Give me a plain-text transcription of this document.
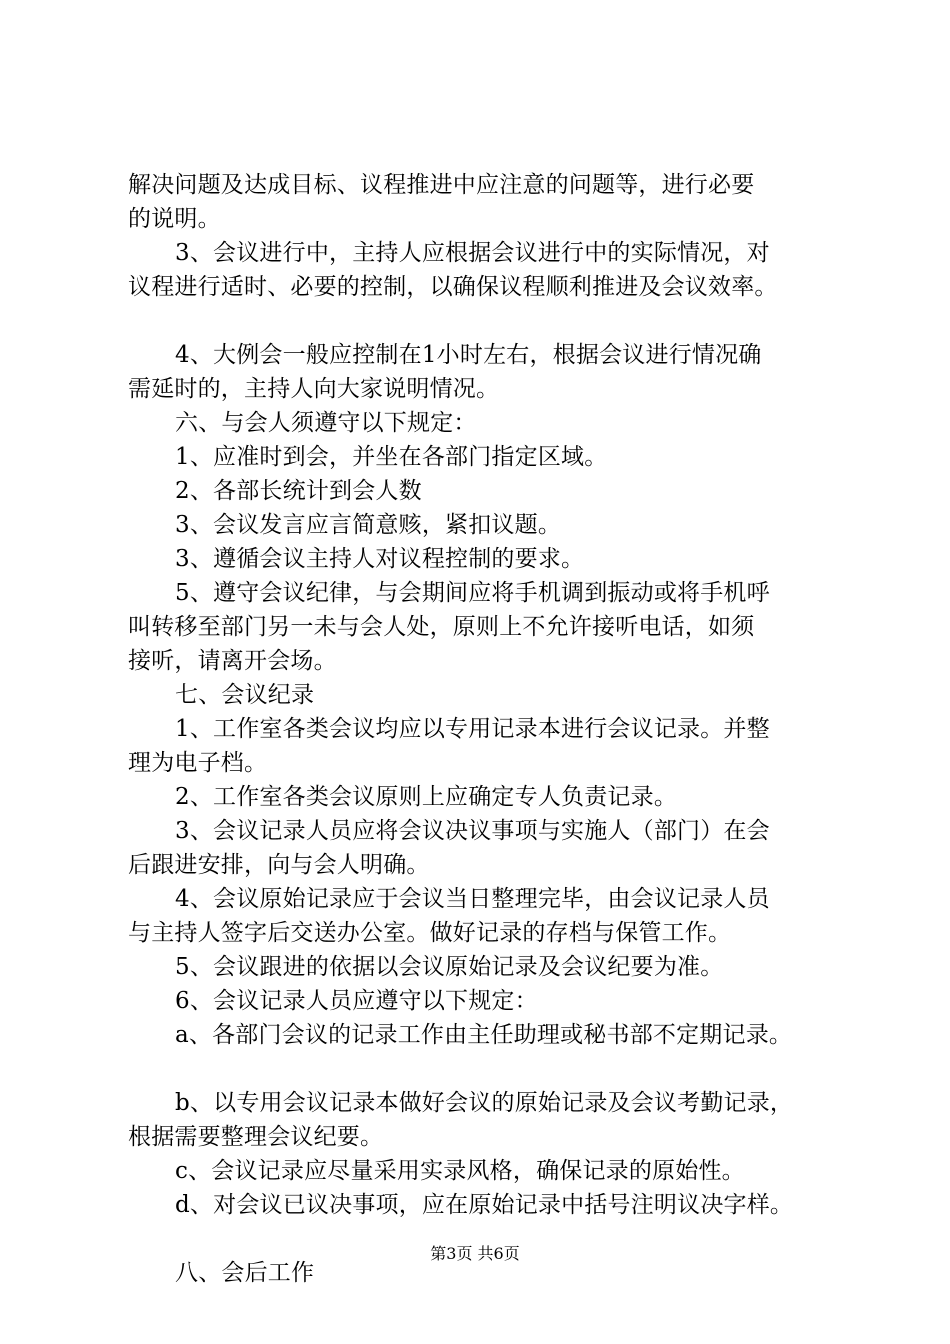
解决问题及达成目标、议程推进中应注意的问题等，进行必要
的说明。
3、会议进行中，主持人应根据会议进行中的实际情况，对
议程进行适时、必要的控制，以确保议程顺利推进及会议效率。
4、大例会一般应控制在1小时左右，根据会议进行情况确
需延时的，主持人向大家说明情况。
六、与会人须遵守以下规定：
1、应准时到会，并坐在各部门指定区域。
2、各部长统计到会人数
3、会议发言应言简意赅，紧扣议题。
3、遵循会议主持人对议程控制的要求。
5、遵守会议纪律，与会期间应将手机调到振动或将手机呼
叫转移至部门另一未与会人处，原则上不允许接听电话，如须
接听，请离开会场。
七、会议纪录
1、工作室各类会议均应以专用记录本进行会议记录。并整
理为电子档。
2、工作室各类会议原则上应确定专人负责记录。
3、会议记录人员应将会议决议事项与实施人（部门）在会
后跟进安排，向与会人明确。
4、会议原始记录应于会议当日整理完毕，由会议记录人员
与主持人签字后交送办公室。做好记录的存档与保管工作。
5、会议跟进的依据以会议原始记录及会议纪要为准。
6、会议记录人员应遵守以下规定：
a、各部门会议的记录工作由主任助理或秘书部不定期记录。
b、以专用会议记录本做好会议的原始记录及会议考勤记录，
根据需要整理会议纪要。
c、会议记录应尽量采用实录风格，确保记录的原始性。
d、对会议已议决事项，应在原始记录中括号注明议决字样。
八、会后工作
第3页 共6页
